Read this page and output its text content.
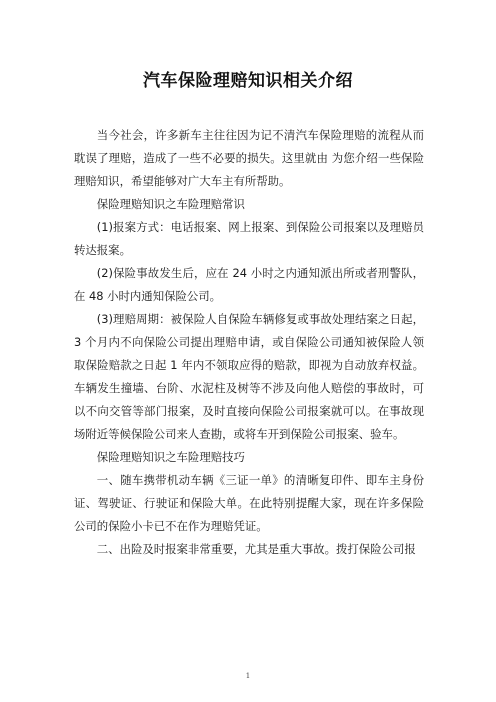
汽车保险理赔知识相关介绍

当今社会，许多新车主往往因为记不清汽车保险理赔的流程从而耽误了理赔，造成了一些不必要的损失。这里就由 为您介绍一些保险理赔知识，希望能够对广大车主有所帮助。

保险理赔知识之车险理赔常识

(1)报案方式：电话报案、网上报案、到保险公司报案以及理赔员转达报案。

(2)保险事故发生后，应在 24 小时之内通知派出所或者刑警队，在 48 小时内通知保险公司。

(3)理赔周期：被保险人自保险车辆修复或事故处理结案之日起，3 个月内不向保险公司提出理赔申请，或自保险公司通知被保险人领取保险赔款之日起 1 年内不领取应得的赔款，即视为自动放弃权益。车辆发生撞墙、台阶、水泥柱及树等不涉及向他人赔偿的事故时，可以不向交管等部门报案，及时直接向保险公司报案就可以。在事故现场附近等候保险公司来人查勘，或将车开到保险公司报案、验车。

保险理赔知识之车险理赔技巧

一、随车携带机动车辆《三证一单》的清晰复印件、即车主身份证、驾驶证、行驶证和保险大单。在此特别提醒大家，现在许多保险公司的保险小卡已不在作为理赔凭证。

二、出险及时报案非常重要，尤其是重大事故。拨打保险公司报

1
